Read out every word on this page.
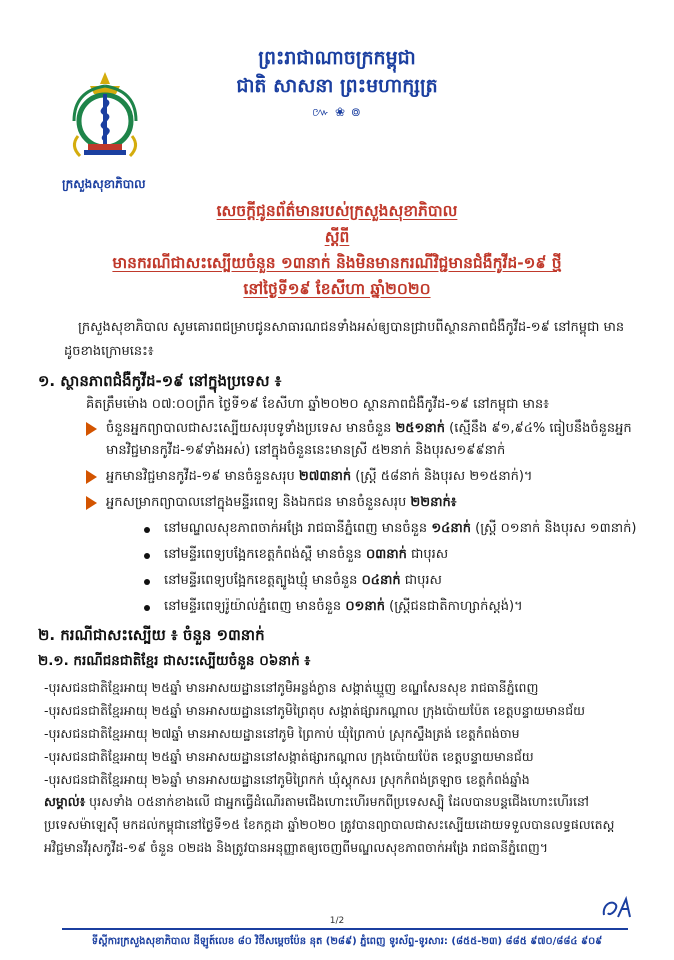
ព្រះរាជាណាចក្រកម្ពុជា
ជាតិ សាសនា ព្រះមហាក្សត្រ
៚ ❀ ៙
ក្រសួងសុខាភិបាល
សេចក្តីជូនព័ត៌មានរបស់ក្រសួងសុខាភិបាល
ស្តីពី
មានករណីជាសះស្បើយចំនួន ១៣នាក់ និងមិនមានករណីវិជ្ជមានជំងឺកូវីដ-១៩ ថ្មី
នៅថ្ងៃទី១៩ ខែសីហា ឆ្នាំ២០២០
ក្រសួងសុខាភិបាល សូមគោរពជម្រាបជូនសាធារណជនទាំងអស់ឲ្យបានជ្រាបពីស្ថានភាពជំងឺកូវីដ-១៩ នៅកម្ពុជា មានដូចខាងក្រោមនេះ៖
១. ស្ថានភាពជំងឺកូវីដ-១៩ នៅក្នុងប្រទេស ៖
គិតត្រឹមម៉ោង ០៧:០០ព្រឹក ថ្ងៃទី១៩ ខែសីហា ឆ្នាំ២០២០ ស្ថានភាពជំងឺកូវីដ-១៩ នៅកម្ពុជា មាន៖
ចំនួនអ្នកព្យាបាលជាសះស្បើយសរុបទូទាំងប្រទេស មានចំនួន ២៥១នាក់ (ស្មើនឹង ៩១,៩៤% ធៀបនឹងចំនួនអ្នកមានវិជ្ជមានកូវីដ-១៩ទាំងអស់) នៅក្នុងចំនួននេះមានស្រី ៥២នាក់ និងបុរស១៩៩នាក់
អ្នកមានវិជ្ជមានកូវីដ-១៩ មានចំនួនសរុប ២៧៣នាក់ (ស្ត្រី ៥៨នាក់ និងបុរស ២១៥នាក់)។
អ្នកសម្រាកព្យាបាលនៅក្នុងមន្ទីរពេទ្យ និងឯកជន មានចំនួនសរុប ២២នាក់៖
នៅមណ្ឌលសុខភាពចាក់អង្រែ រាជធានីភ្នំពេញ មានចំនួន ១៤នាក់ (ស្ត្រី ០១នាក់ និងបុរស ១៣នាក់)
នៅមន្ទីរពេទ្យបង្អែកខេត្តកំពង់ស្ពឺ មានចំនួន ០៣នាក់ ជាបុរស
នៅមន្ទីរពេទ្យបង្អែកខេត្តត្បូងឃ្មុំ មានចំនួន ០៤នាក់ ជាបុរស
នៅមន្ទីរពេទ្យរ៉ូយ៉ាល់ភ្នំពេញ មានចំនួន ០១នាក់ (ស្ត្រីជនជាតិកាហ្សាក់ស្តង់)។
២. ករណីជាសះស្បើយ ៖ ចំនួន ១៣នាក់
២.១. ករណីជនជាតិខ្មែរ ជាសះស្បើយចំនួន ០៦នាក់ ៖
-បុរសជនជាតិខ្មែរអាយុ ២៥ឆ្នាំ មានអាសយដ្ឋាននៅភូមិអន្លង់ក្ងាន សង្កាត់ឃ្មួញ ខណ្ឌសែនសុខ រាជធានីភ្នំពេញ
-បុរសជនជាតិខ្មែរអាយុ ២៥ឆ្នាំ មានអាសយដ្ឋាននៅភូមិព្រៃតុប សង្កាត់ផ្សារកណ្តាល ក្រុងប៉ោយប៉ែត ខេត្តបន្ទាយមានជ័យ
-បុរសជនជាតិខ្មែរអាយុ ២៧ឆ្នាំ មានអាសយដ្ឋាននៅភូមិ ព្រៃកាប់ ឃុំព្រៃកាប់ ស្រុកស្ទឹងត្រង់ ខេត្តកំពង់ចាម
-បុរសជនជាតិខ្មែរអាយុ ២៥ឆ្នាំ មានអាសយដ្ឋាននៅសង្កាត់ផ្សារកណ្តាល ក្រុងប៉ោយប៉ែត ខេត្តបន្ទាយមានជ័យ
-បុរសជនជាតិខ្មែរអាយុ ២៦ឆ្នាំ មានអាសយដ្ឋាននៅភូមិព្រៃកក់ ឃុំស្តុកសរ ស្រុកកំពង់ត្រឡាច ខេត្តកំពង់ឆ្នាំង
សម្គាល់៖ បុរសទាំង ០៥នាក់ខាងលើ ជាអ្នកធ្វើដំណើរតាមជើងហោះហើរមកពីប្រទេសស្ប៉ិ ដែលបានបន្តជើងហោះហើរនៅប្រទេសម៉ាឡេស៊ី មកដល់កម្ពុជានៅថ្ងៃទី១៥ ខែកក្កដា ឆ្នាំ២០២០ ត្រូវបានព្យាបាលជាសះស្បើយដោយទទួលបានលទ្ធផលតេស្ត អវិជ្ជមានវីរុសកូវីដ-១៩ ចំនួន ០២ដង និងត្រូវបានអនុញ្ញាតឲ្យចេញពីមណ្ឌលសុខភាពចាក់អង្រែ រាជធានីភ្នំពេញ។
1/2
ទីស្តីការក្រសួងសុខាភិបាល ដីឡូត៍លេខ ៨០ វិថីសម្តេចប៉ែន នុត (២៨៩) ភ្នំពេញ ទូរស័ព្ទ-ទូរសារ: (៨៥៥-២៣) ៨៨៥ ៩៧០/៨៨៤ ៩០៩
